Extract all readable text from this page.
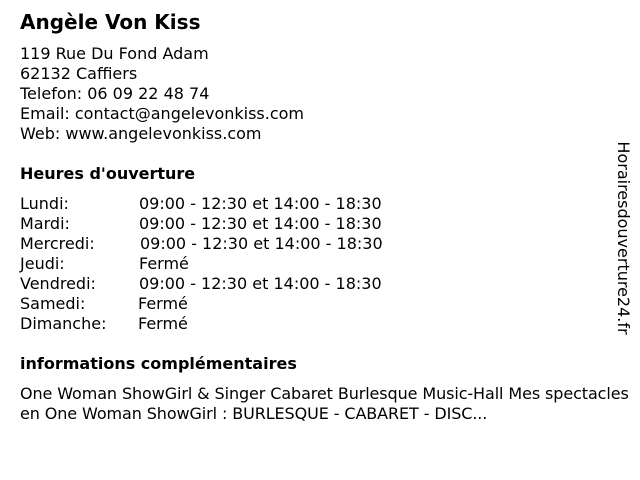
Angèle Von Kiss
119 Rue Du Fond Adam
62132 Caffiers
Telefon: 06 09 22 48 74
Email: contact@angelevonkiss.com
Web: www.angelevonkiss.com
Heures d'ouverture
Lundi:	09:00 - 12:30 et 14:00 - 18:30
Mardi:	09:00 - 12:30 et 14:00 - 18:30
Mercredi:	09:00 - 12:30 et 14:00 - 18:30
Jeudi:	Fermé
Vendredi:	09:00 - 12:30 et 14:00 - 18:30
Samedi:	Fermé
Dimanche: Fermé
informations complémentaires
One Woman ShowGirl & Singer Cabaret Burlesque Music-Hall Mes spectacles en One Woman ShowGirl : BURLESQUE - CABARET - DISC...
Horairesdouverture24.fr
